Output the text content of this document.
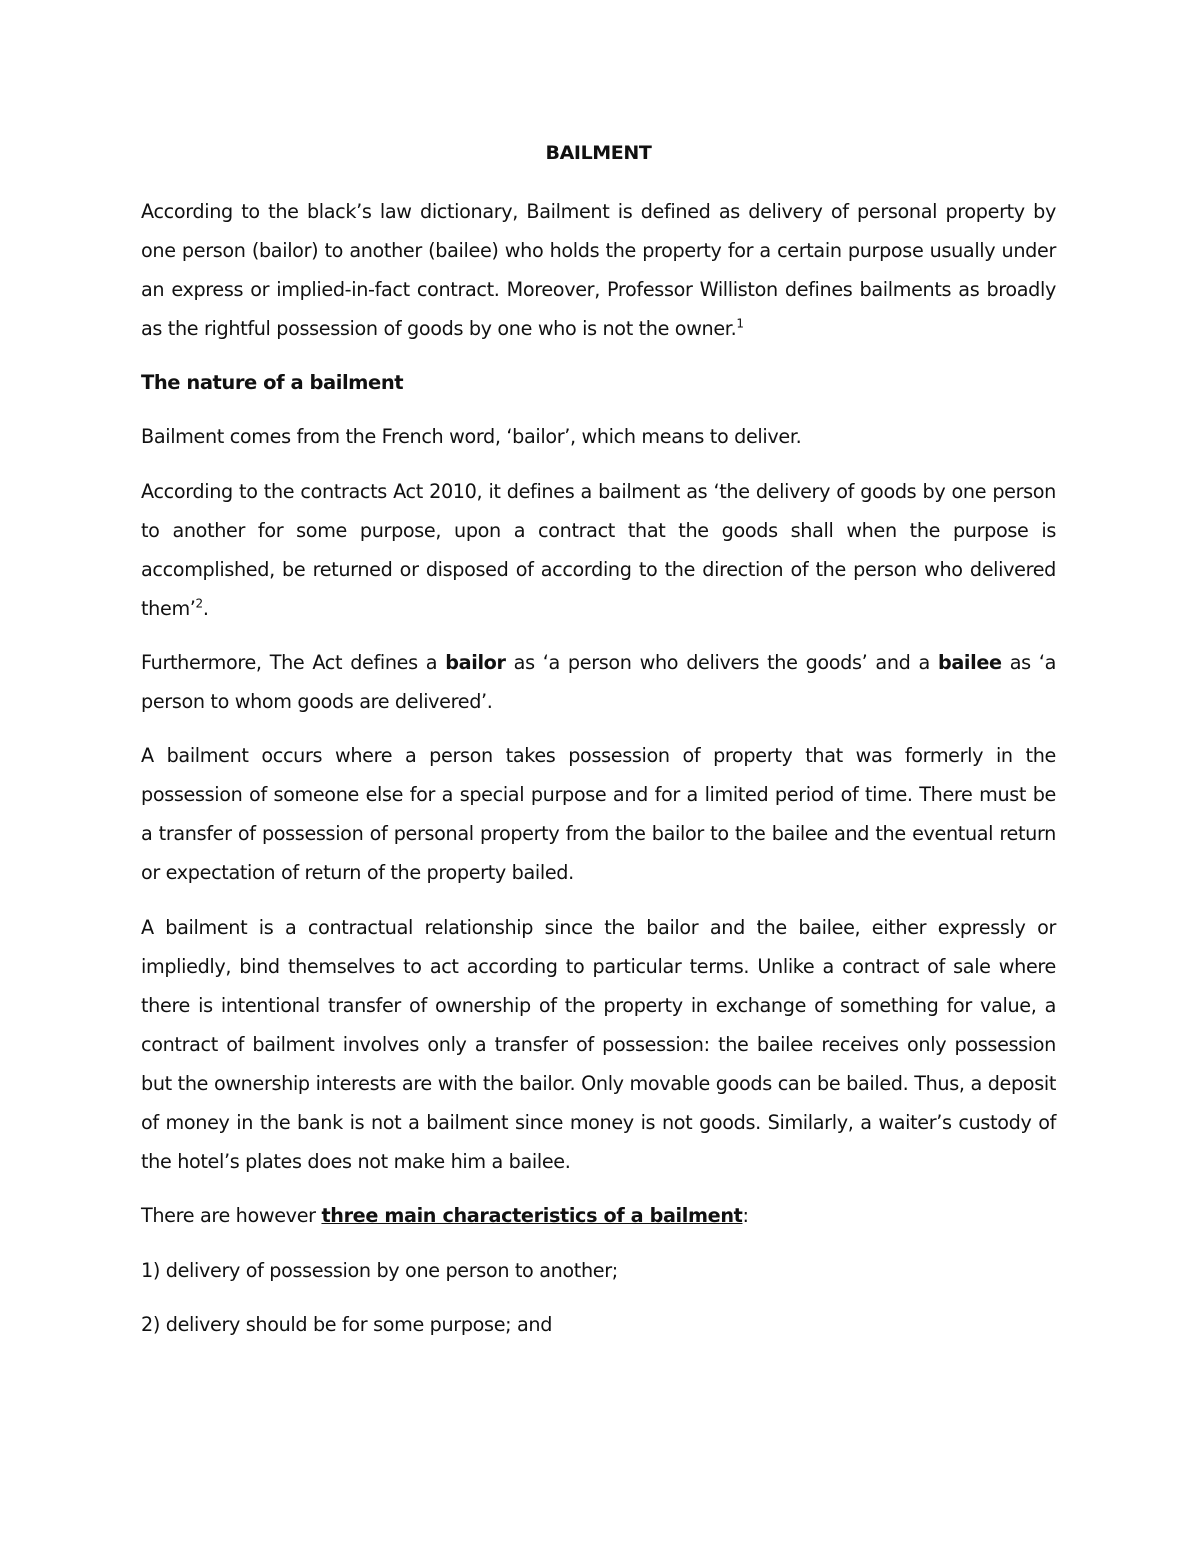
BAILMENT

According to the black’s law dictionary, Bailment is defined as delivery of personal property by one person (bailor) to another (bailee) who holds the property for a certain purpose usually under an express or implied-in-fact contract. Moreover, Professor Williston defines bailments as broadly as the rightful possession of goods by one who is not the owner.$^1$

The nature of a bailment

Bailment comes from the French word, ‘bailor’, which means to deliver.

According to the contracts Act 2010, it defines a bailment as ‘the delivery of goods by one person to another for some purpose, upon a contract that the goods shall when the purpose is accomplished, be returned or disposed of according to the direction of the person who delivered them’$^2$.

Furthermore, The Act defines a bailor as ‘a person who delivers the goods’ and a bailee as ‘a person to whom goods are delivered’.

A bailment occurs where a person takes possession of property that was formerly in the possession of someone else for a special purpose and for a limited period of time. There must be a transfer of possession of personal property from the bailor to the bailee and the eventual return or expectation of return of the property bailed.

A bailment is a contractual relationship since the bailor and the bailee, either expressly or impliedly, bind themselves to act according to particular terms. Unlike a contract of sale where there is intentional transfer of ownership of the property in exchange of something for value, a contract of bailment involves only a transfer of possession: the bailee receives only possession but the ownership interests are with the bailor. Only movable goods can be bailed. Thus, a deposit of money in the bank is not a bailment since money is not goods. Similarly, a waiter’s custody of the hotel’s plates does not make him a bailee.

There are however three main characteristics of a bailment:

1) delivery of possession by one person to another;

2) delivery should be for some purpose; and
